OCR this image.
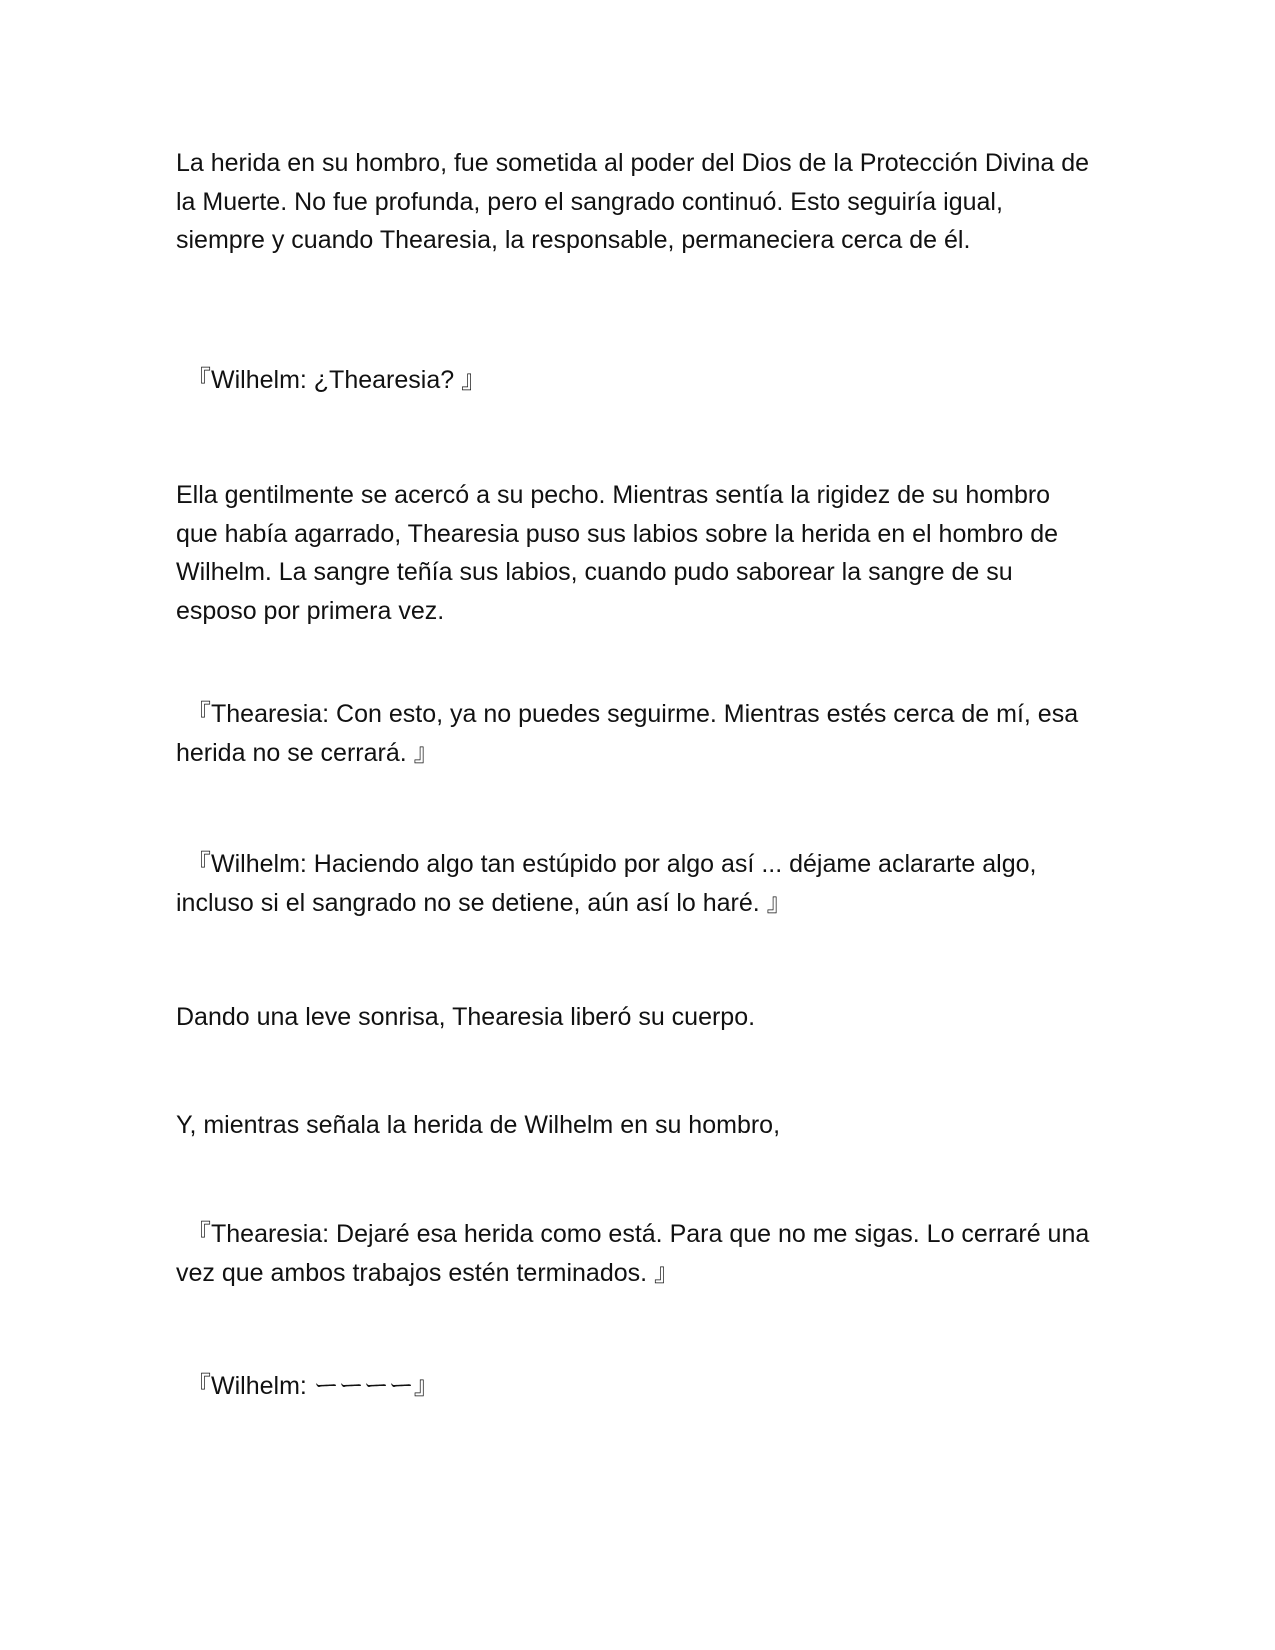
La herida en su hombro, fue sometida al poder del Dios de la Protección Divina de la Muerte. No fue profunda, pero el sangrado continuó. Esto seguiría igual, siempre y cuando Thearesia, la responsable, permaneciera cerca de él.

『Wilhelm: ¿Thearesia? 』

Ella gentilmente se acercó a su pecho. Mientras sentía la rigidez de su hombro que había agarrado, Thearesia puso sus labios sobre la herida en el hombro de Wilhelm. La sangre teñía sus labios, cuando pudo saborear la sangre de su esposo por primera vez.

『Thearesia: Con esto, ya no puedes seguirme. Mientras estés cerca de mí, esa herida no se cerrará. 』

『Wilhelm: Haciendo algo tan estúpido por algo así ... déjame aclararte algo, incluso si el sangrado no se detiene, aún así lo haré. 』

Dando una leve sonrisa, Thearesia liberó su cuerpo.

Y, mientras señala la herida de Wilhelm en su hombro,

『Thearesia: Dejaré esa herida como está. Para que no me sigas. Lo cerraré una vez que ambos trabajos estén terminados. 』

『Wilhelm: ーーーー』
